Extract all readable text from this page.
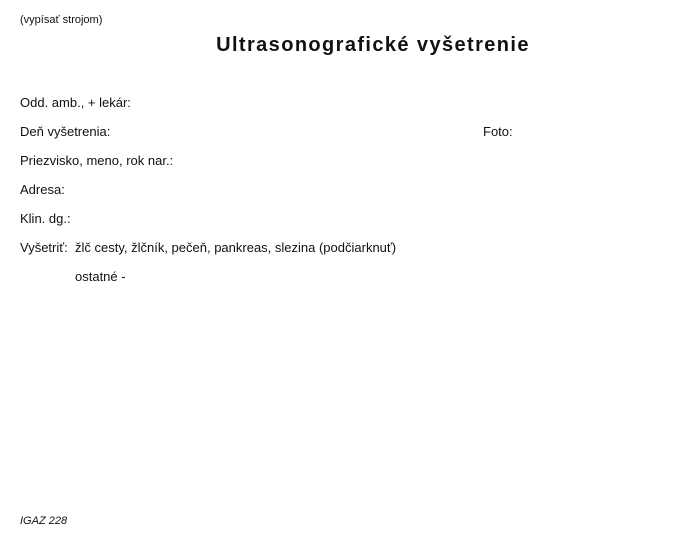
(vypísať strojom)
Ultrasonografické vyšetrenie
Odd. amb., + lekár:
Deň vyšetrenia:
Priezvisko, meno, rok nar.:
Adresa:
Klin. dg.:
Vyšetriť: žlč cesty, žlčník, pečeň, pankreas, slezina (podčiarknuť)
ostatné -
Foto:
IGAZ 228
